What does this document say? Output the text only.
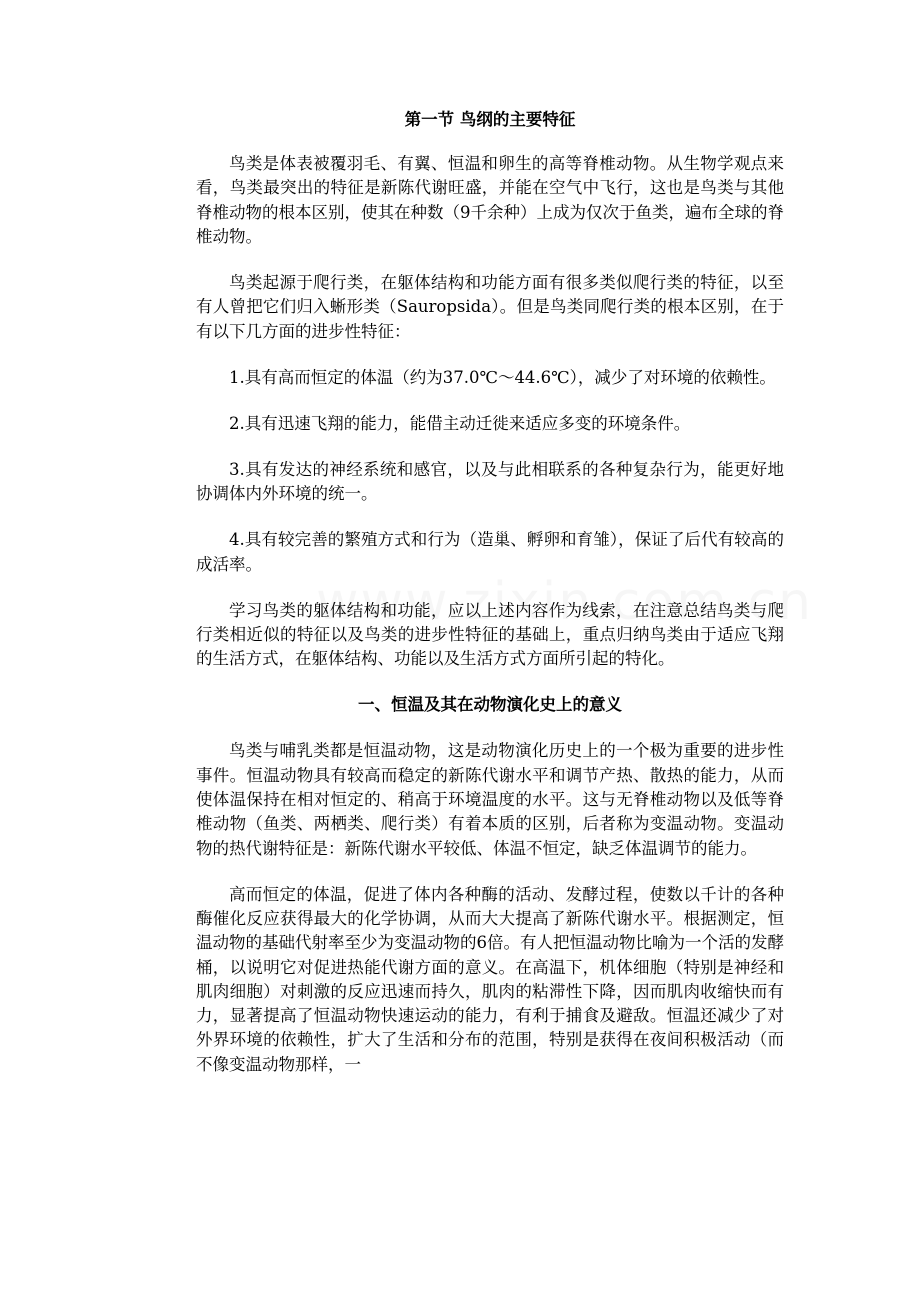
第一节 鸟纲的主要特征

鸟类是体表被覆羽毛、有翼、恒温和卵生的高等脊椎动物。从生物学观点来看，鸟类最突出的特征是新陈代谢旺盛，并能在空气中飞行，这也是鸟类与其他脊椎动物的根本区别，使其在种数（9千余种）上成为仅次于鱼类，遍布全球的脊椎动物。

鸟类起源于爬行类，在躯体结构和功能方面有很多类似爬行类的特征，以至有人曾把它们归入蜥形类（Sauropsida）。但是鸟类同爬行类的根本区别，在于有以下几方面的进步性特征：

1.具有高而恒定的体温（约为37.0℃～44.6℃），减少了对环境的依赖性。

2.具有迅速飞翔的能力，能借主动迁徙来适应多变的环境条件。

3.具有发达的神经系统和感官，以及与此相联系的各种复杂行为，能更好地协调体内外环境的统一。

4.具有较完善的繁殖方式和行为（造巢、孵卵和育雏），保证了后代有较高的成活率。

学习鸟类的躯体结构和功能，应以上述内容作为线索，在注意总结鸟类与爬行类相近似的特征以及鸟类的进步性特征的基础上，重点归纳鸟类由于适应飞翔的生活方式，在躯体结构、功能以及生活方式方面所引起的特化。

一、恒温及其在动物演化史上的意义

鸟类与哺乳类都是恒温动物，这是动物演化历史上的一个极为重要的进步性事件。恒温动物具有较高而稳定的新陈代谢水平和调节产热、散热的能力，从而使体温保持在相对恒定的、稍高于环境温度的水平。这与无脊椎动物以及低等脊椎动物（鱼类、两栖类、爬行类）有着本质的区别，后者称为变温动物。变温动物的热代谢特征是：新陈代谢水平较低、体温不恒定，缺乏体温调节的能力。

高而恒定的体温，促进了体内各种酶的活动、发酵过程，使数以千计的各种酶催化反应获得最大的化学协调，从而大大提高了新陈代谢水平。根据测定，恒温动物的基础代射率至少为变温动物的6倍。有人把恒温动物比喻为一个活的发酵桶，以说明它对促进热能代谢方面的意义。在高温下，机体细胞（特别是神经和肌肉细胞）对刺激的反应迅速而持久，肌肉的粘滞性下降，因而肌肉收缩快而有力，显著提高了恒温动物快速运动的能力，有利于捕食及避敌。恒温还减少了对外界环境的依赖性，扩大了生活和分布的范围，特别是获得在夜间积极活动（而不像变温动物那样，一
